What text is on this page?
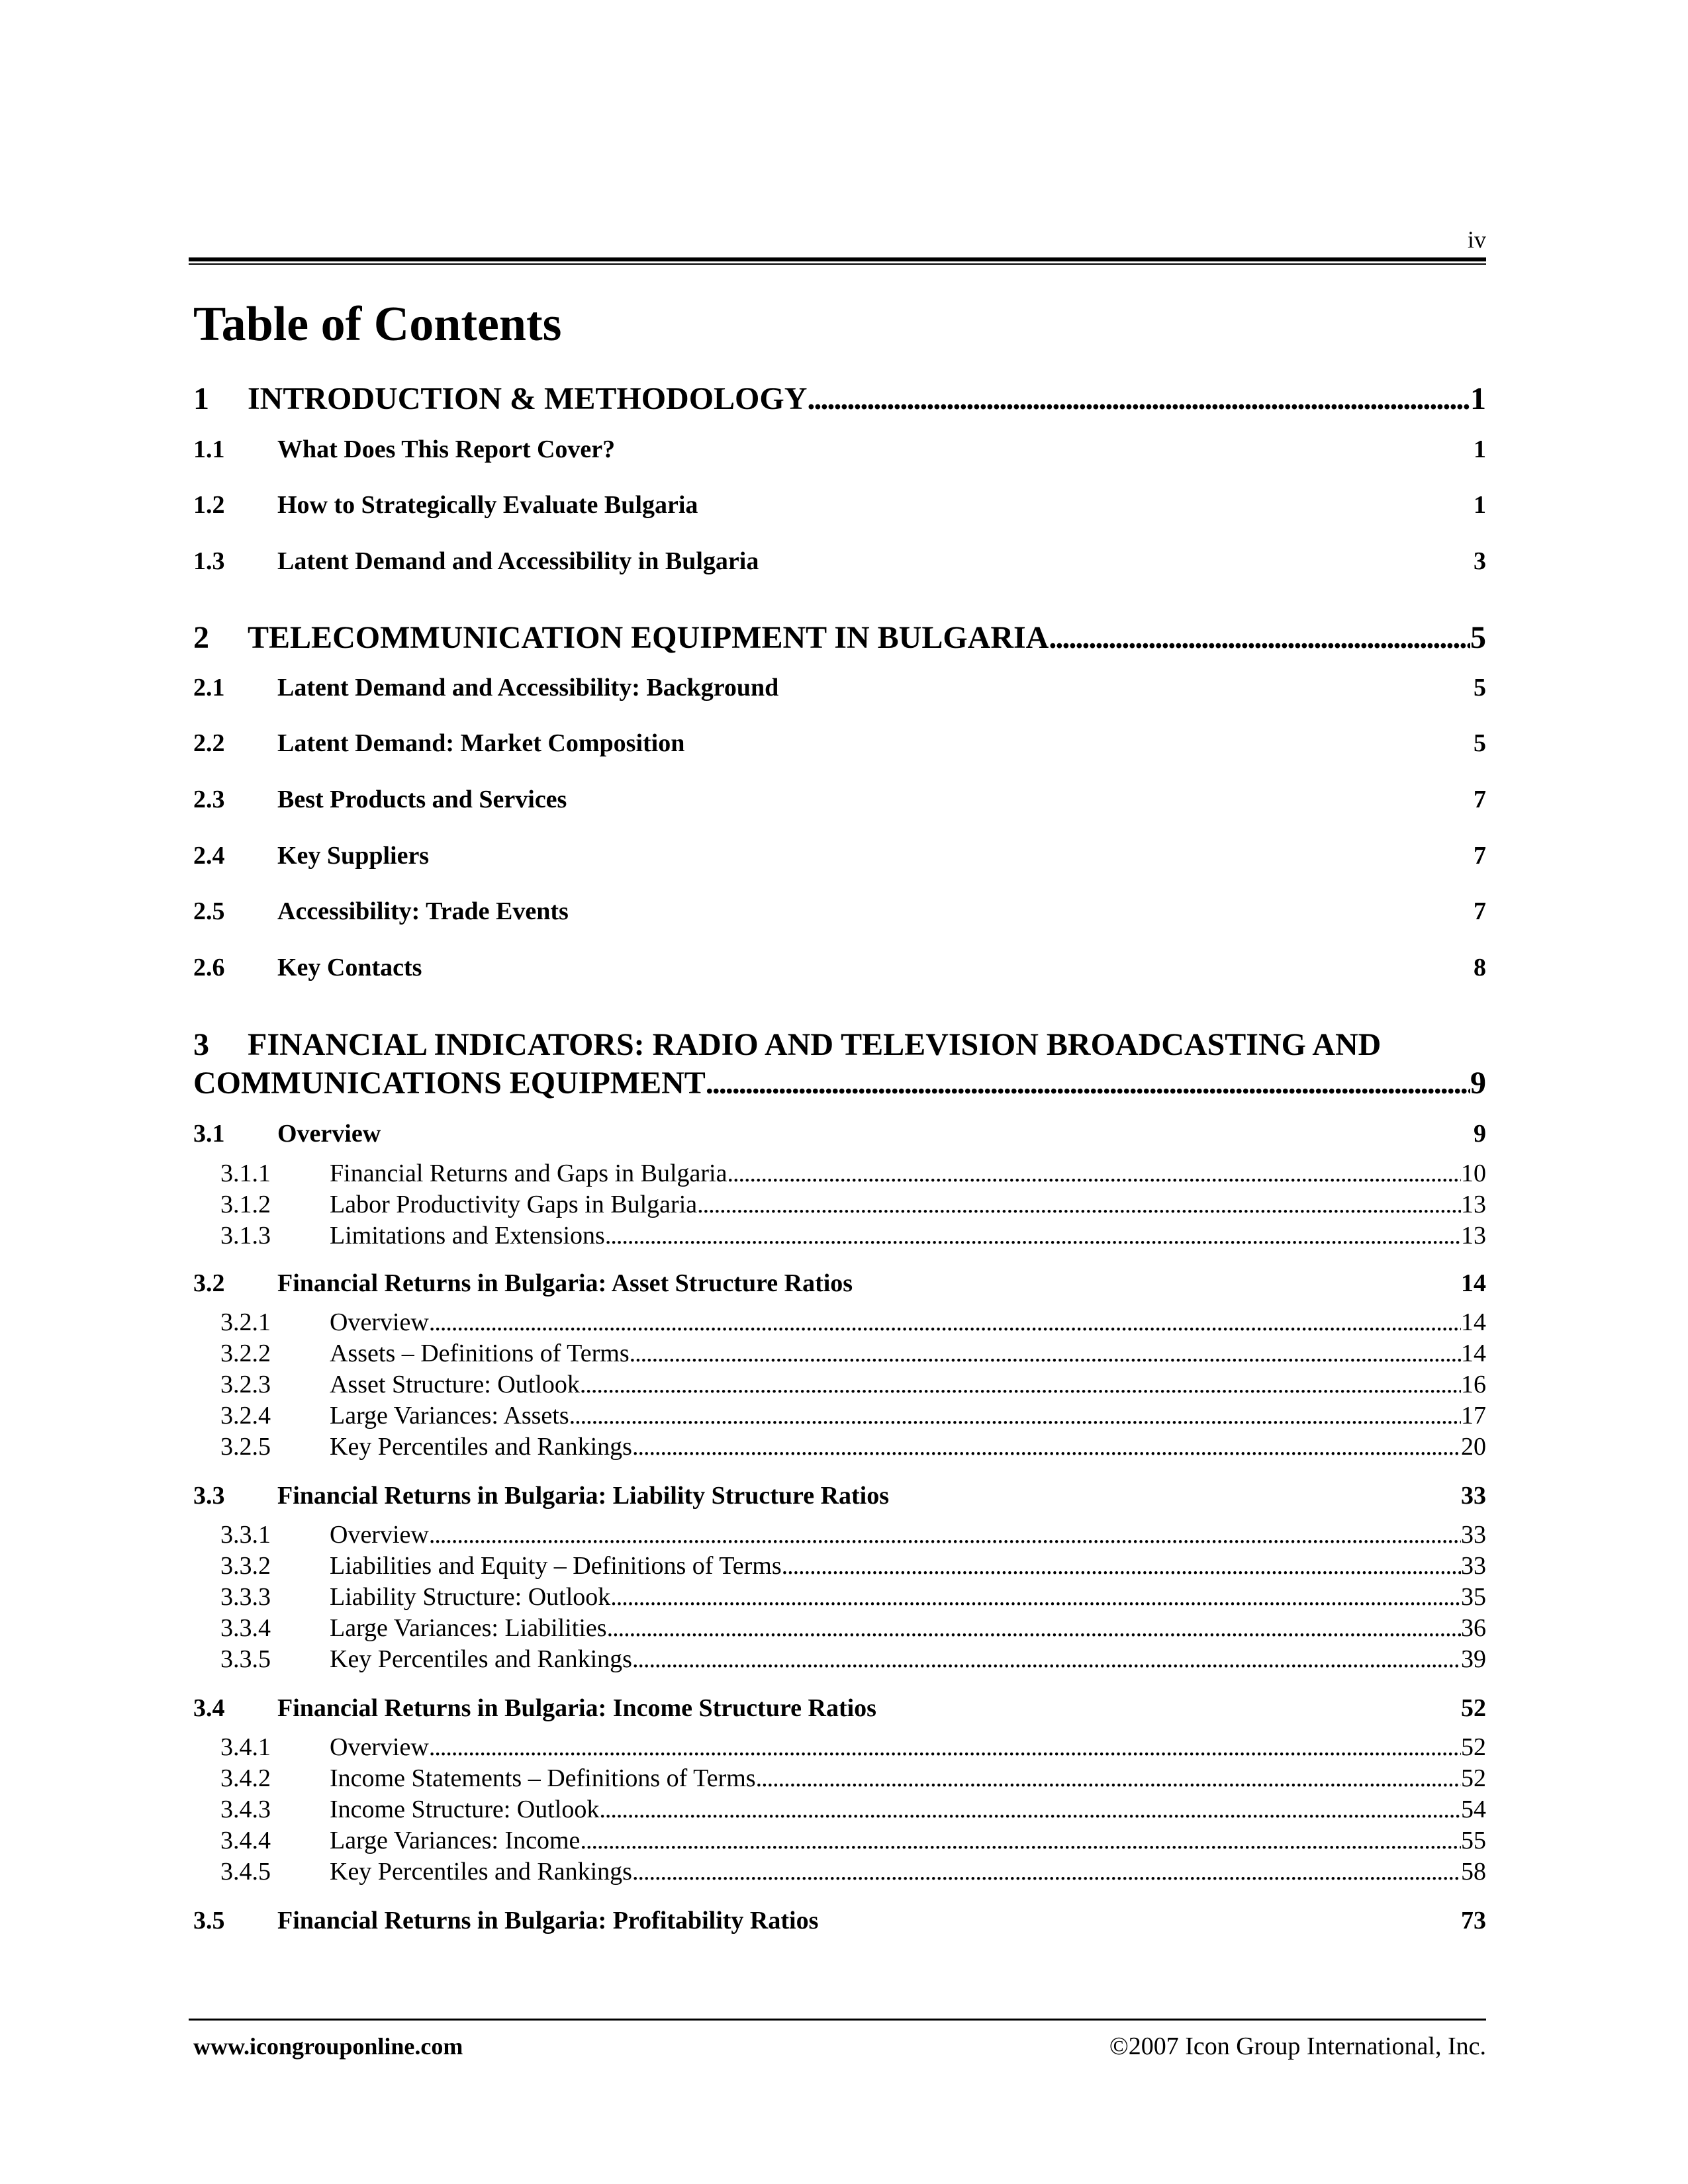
iv
Table of Contents
1	INTRODUCTION & METHODOLOGY .....	1
1.1	What Does This Report Cover?	1
1.2	How to Strategically Evaluate Bulgaria	1
1.3	Latent Demand and Accessibility in Bulgaria	3
2	TELECOMMUNICATION EQUIPMENT IN BULGARIA .....	5
2.1	Latent Demand and Accessibility: Background	5
2.2	Latent Demand: Market Composition	5
2.3	Best Products and Services	7
2.4	Key Suppliers	7
2.5	Accessibility: Trade Events	7
2.6	Key Contacts	8
3 FINANCIAL INDICATORS: RADIO AND TELEVISION BROADCASTING AND
COMMUNICATIONS EQUIPMENT .....	9
3.1	Overview	9
3.1.1	Financial Returns and Gaps in Bulgaria .....	10
3.1.2	Labor Productivity Gaps in Bulgaria .....	13
3.1.3	Limitations and Extensions .....	13
3.2	Financial Returns in Bulgaria: Asset Structure Ratios	14
3.2.1	Overview .....	14
3.2.2	Assets – Definitions of Terms .....	14
3.2.3	Asset Structure: Outlook .....	16
3.2.4	Large Variances: Assets .....	17
3.2.5	Key Percentiles and Rankings .....	20
3.3	Financial Returns in Bulgaria: Liability Structure Ratios	33
3.3.1	Overview .....	33
3.3.2	Liabilities and Equity – Definitions of Terms .....	33
3.3.3	Liability Structure: Outlook .....	35
3.3.4	Large Variances: Liabilities .....	36
3.3.5	Key Percentiles and Rankings .....	39
3.4	Financial Returns in Bulgaria: Income Structure Ratios	52
3.4.1	Overview .....	52
3.4.2	Income Statements – Definitions of Terms .....	52
3.4.3	Income Structure: Outlook .....	54
3.4.4	Large Variances: Income .....	55
3.4.5	Key Percentiles and Rankings .....	58
3.5	Financial Returns in Bulgaria: Profitability Ratios	73
www.icongrouponline.com	©2007 Icon Group International, Inc.
